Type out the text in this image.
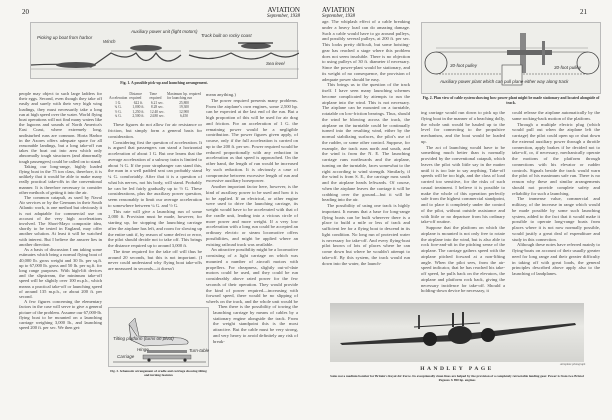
20	AVIATION
September, 1938
Picking up boat from harbor
Winch
Auxiliary power unit (light motors)
Track built on rocky coast
Sea level
Fig. 1. A possible pick-up and launching arrangement.

people may object to such large ladders for their eggs. Second, even though they take off easily and surely with their very high wing loadings, they must necessarily take a long run at high speed over the water. World flying boat operations will not find many waters like the lagoons and sounds of North America's East Coast, where extremely long, undisturbed runs are common. Horta Harbor in the Azores offers adequate space for all reasonable landings, but a long take-off run takes the boat out into area which only abnormally tough structures (and abnormally tough passengers) could be called on to stand.

Taking our long-range, highly loaded flying boat in the 75 ton class, therefore, it is unlikely that it would be able to make many really practical take-offs in the conventional manner. It is therefore necessary to consider other methods of getting it into the air.

The common catapult, as used by Naval Air services or by the Germans in their South Atlantic work, is one method but obviously it is not adaptable for commercial use on account of the very high accelerations involved. The Short-Mayo composite idea, shortly to be tested in England, may offer another solution. At least it will be watched with interest. But I believe the answer lies in another direction.

As a basis of discussion I am taking some estimates which bring a normal flying boat of 40,000 lb. gross weight and 30 lb. per sq.ft. up to 67,000 lb. gross and 50 lb. per sq.ft. for long range purposes. With high-lift devices and the slipstream, the minimum take-off speed will be slightly over 100 m.p.h., which means a practical take-off or launching speed of around 135 m.p.h., or about 200 ft. per second.

A few figures concerning the elementary factors in the case will serve to give a general picture of the problem. Assume our 67,000-lb. flying boat to be mounted on a launching carriage weighing 3,000 lb., and launching speed 200 ft. per sec. We then get:

Acceleration	Distance required	Time required	Maximum hp. required for launching run
1 G.	622 ft.	6.21 sec.	25,800
¾ G.	1,000 ft.	8.28 sec.	19,300
½ G.	1,250 ft.	12.40 sec.	12,900
¼ G.	2,500 ft.	24.80 sec.	6,450

These figures do not allow for air resistance or friction, but simply form a general basis for consideration.

Considering first the question of acceleration. It is argued that passengers can stand a horizontal acceleration of about 1 G. But one learns that the average acceleration of a subway train is limited to about ⅛ G. If the poor straphanger can stand this, the man in a well padded seat can probably stand ¼ G. comfortably. After that it is a question of what his nerves, not his body, will stand. Probably he can be led fairly gradually up to ½ G. These considerations, plus the auxiliary power question, seem reasonably to limit our average acceleration to somewhere between ¼ G. and ½ G.

This rate will give a launching run of some 2,000 ft. Provision must be made, however, for starting up, for stopping the launching carriage after the airplane has left, and room for slowing up the entire unit if, by reason of some defect or error, the pilot should decide not to take off. This brings the distance required up to around 3,000 ft.

The time required for the take off will thus be around 20 seconds, but this is not important. (I never could understand why flying boat take-offs are measured in seconds—it doesn't

mean anything.)

The power required presents many problems. From the airplane's own engines, some 2,500 hp. can be expected at the last end of the run. But a high proportion of this will be used for air drag and friction. For an acceleration of 1 G. the remaining power would be a negligible contribution. The power figures given apply, of course, only if the full acceleration is carried on up to the 200 ft. per sec. Power required would be reduced proportionally with any reduction in acceleration as that speed is approached. On the other hand, the length of run would be increased by such reduction. It is obviously a case of compromise between excessive length of run and excessive auxiliary horsepower.

Another important factor here, however, is the kind of auxiliary power to be used and how it is to be applied. If an electrical, or other engine were used to drive the launching carriage, its weight would have to be accelerated with that of the cradle unit, leading into a vicious circle of more power and more weight. If a very low acceleration with a long run could be accepted an ordinary electric or steam locomotive offers possibilities, and might be applied where an existing railroad track was available.

An attractive possibility might be a locomotive consisting of a light carriage on which was mounted a number of aircraft motors with propellers. For cheapness, slightly out-of-date motors could be used, and they could be run considerably above rated power for the few seconds of their operation. They would provide the kind of power required—increasing with forward speed, there would be no slipping of wheels on the track, and the whole unit would be

Then there is the possibility of towing the launching carriage by means of cables by a stationary engine alongside the track. From the weight standpoint this is the most attractive. But the cable must be very strong, and very heavy to avoid definitely any risk of break-

Tilting platform (turns on pivot)
Hinge	Turn-table
Carriage
Fig. 3. Schematic arrangement of cradle and carriage showing tilting and turning features
AVIATION
September, 1938
21

age. The whiplash effect of a cable breaking under a heavy load can do amazing damage. Such a cable would have to go around pulleys, and possibly several pulleys, at 200 ft. per sec. This looks pretty difficult, but some hoisting-gear has reached a stage where this problem does not seem insoluble. There is no objection to using pulleys of 30 ft. diameter if necessary. Since the power-plant would be stationary, and its weight of no consequence, the provision of adequate power should be easy.

This brings us to the question of the track itself. I have seen many launching schemes become complicated by attempts to run the airplane into the wind. This is not necessary. The airplane can be mounted on a turntable, rotatable on low-friction bearings. Thus, should the wind be blowing across the track, the airplane on the turntable could be continually turned into the resulting wind, either by the normal stabilizing surfaces, the pilot's use of the rudder, or some other control. Suppose, for example, the track runs north and south, and the wind is from the N. E. The launching carriage runs northwards and the airplane, turning on the turntable, faces somewhat to the right according to wind strength. Similarly, if the wind is from S. E., the carriage runs south and the airplane heads leftwards. Of course, when the airplane leaves the carriage it will be crabbing over the ground—but it will be heading into the air.

The possibility of using one track is highly important. It means that a base for long-range flying boats can be built wherever there is a place to build a mile or less of track and sufficient lee for a flying boat to descend in its light condition. No long run of protected water is necessary for take-off. And every flying-boat pilot knows of lots of places where he can come down but where he wouldn't attempt to take-off. By this system, the track would run down into the water, the launch-

30-foot pulley	30-foot pulley
Auxiliary power plant which can pull plane either way along track
Fig. 2. Plan view of cable system showing how power plant might be made stationary and located alongside of track.

ing carriage would run down to pick up the flying boat in the manner of a beaching dolly, the whole unit would be hauled up to the level for connecting to the propulsive mechanism, and the boat would be loaded up.

The act of launching would have to be something much better than is normally provided by the conventional catapult, which leaves the pilot with little say in the matter until it is too late to say anything. Take-off speeds will be too high, and the class of load carried too sensitive, for the risks of such casual treatment. I believe it is possible to make the whole of this operation perfectly safe from the highest commercial standpoint, and to place it completely under the control of the pilot, without outside assistance and with little or no departure from his ordinary take-off routine.

Suppose that the platform on which the airplane is mounted is not only free to rotate the airplane into the wind, but is also able to rock fore-and-aft in the pitching sense of the airplane. The carriage gathers speed with the airplane pitched forward at a non-lifting angle. When the pilot sees, from the air-speed indicator, that he has reached his take-off speed, he pulls back on the elevators, the airplane and platform rock back, giving the necessary incidence for take-off. Should a holding-down device be necessary, it

could release the airplane automatically by the same rocking-back motion of the platform.

Through a multiple electric plug (which would pull out when the airplane left the carriage) the pilot could open up or shut down the external auxiliary power through a throttle connection, apply brakes if he decided not to take-off, or, if necessary, mechanically operate the motions of the platform through connections with his elevator or rudder controls. Signals beside the track would warn the pilot of his maximum safe run. There is no reason why these and similar arrangements should not provide complete safety and reliability for such a launching.

The immense value, commercial and military, of the increase in range which would be made possible by some such launching system, added to the fact that it would make it possible to operate long-range boats from places where it is not now normally possible, would justify a great deal of expenditure and study in this connection.

Although these notes have referred mainly to flying-boats on account of their usually greater need for long range and their greater difficulty in taking off with great loads, the general principles described above apply also to the launching of landplanes.

Aeroplane photograph
HANDLEY PAGE
Sales not a medium bomber for Britain's Royal Air Force. Its exceptionally clean lines are helped by the provision of a completely retractable landing gear. Power is from two Bristol Pegasus X 890 hp. engines
